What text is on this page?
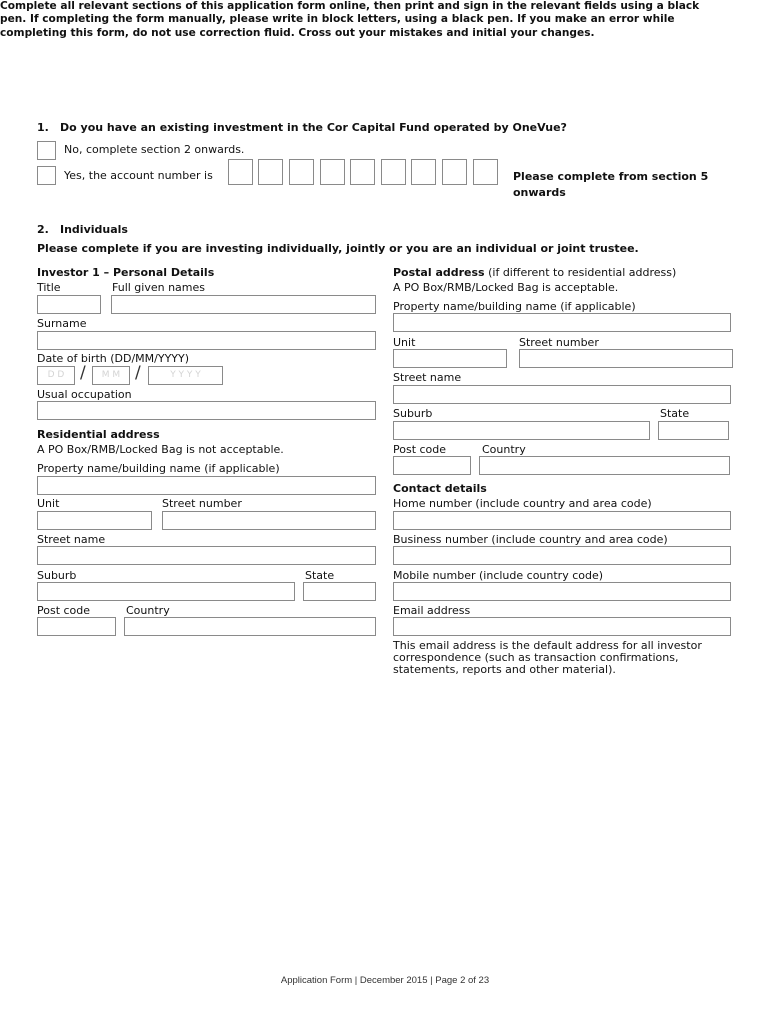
Complete all relevant sections of this application form online, then print and sign in the relevant fields using a black pen. If completing the form manually, please write in block letters, using a black pen. If you make an error while completing this form, do not use correction fluid. Cross out your mistakes and initial your changes.
1. Do you have an existing investment in the Cor Capital Fund operated by OneVue?
No, complete section 2 onwards.
Yes, the account number is	Please complete from section 5 onwards
2. Individuals
Please complete if you are investing individually, jointly or you are an individual or joint trustee.
Investor 1 – Personal Details
Title	Full given names
Surname
Date of birth (DD/MM/YYYY)
D D /	M M /	Y Y Y Y
Usual occupation
Residential address
A PO Box/RMB/Locked Bag is not acceptable.
Property name/building name (if applicable)
Unit	Street number
Street name
Suburb	State
Post code	Country
Postal address (if different to residential address)
A PO Box/RMB/Locked Bag is acceptable.
Property name/building name (if applicable)
Unit	Street number
Street name
Suburb	State
Post code	Country
Contact details
Home number (include country and area code)
Business number (include country and area code)
Mobile number (include country code)
Email address
This email address is the default address for all investor correspondence (such as transaction confirmations, statements, reports and other material).
Application Form | December 2015 | Page 2 of 23
